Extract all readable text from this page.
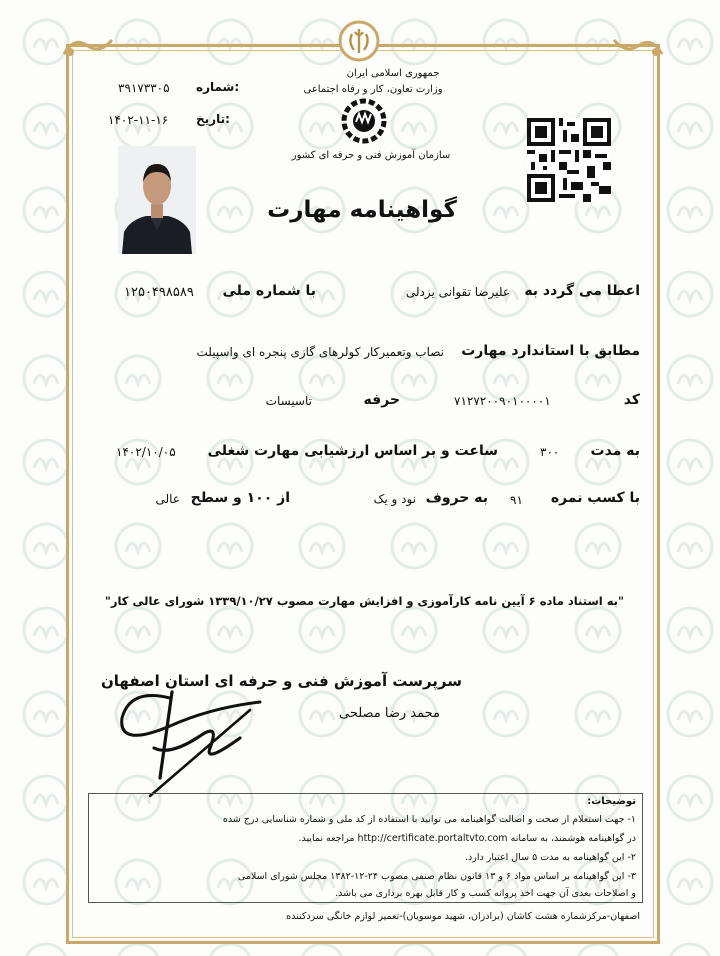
جمهوری اسلامی ایران
وزارت تعاون، کار و رفاه اجتماعی
سازمان آموزش فنی و حرفه ای کشور
شماره:
۳۹۱۷۳۳۰۵
تاریخ:
۱۴۰۲-۱۱-۱۶
گواهینامه مهارت
اعطا می گردد به
علیرضا تقوانی یزدلی
با شماره ملی
۱۲۵۰۴۹۸۵۸۹
مطابق با استاندارد مهارت
نصاب وتعمیرکار کولرهای گازی پنجره ای واسپیلت
کد
۷۱۲۷۲۰۰۹۰۱۰۰۰۰۱
حرفه
تاسیسات
به مدت
۳۰۰
ساعت و بر اساس ارزشیابی مهارت شغلی
۱۴۰۲/۱۰/۰۵
با کسب نمره
۹۱
به حروف
نود و یک
از ۱۰۰ و سطح
عالی
"به استناد ماده ۶ آیین نامه کارآموزی و افزایش مهارت مصوب ۱۳۳۹/۱۰/۲۷ شورای عالی کار"
سرپرست آموزش فنی و حرفه ای استان اصفهان
محمد رضا مصلحی
توضیحات:
۱- جهت استعلام از صحت و اصالت گواهینامه می توانید با استفاده از کد ملی و شماره شناسایی درج شده
در گواهینامه هوشمند، به سامانه http://certificate.portaltvto.com مراجعه نمایید.
۲- این گواهینامه به مدت ۵ سال اعتبار دارد.
۳- این گواهینامه بر اساس مواد ۶ و ۱۳ قانون نظام صنفی مصوب ۲۴-۱۲-۱۳۸۲ مجلس شورای اسلامی
و اصلاحات بعدی آن جهت اخذ پروانه کسب و کار قابل بهره برداری می باشد.
اصفهان-مرکزشماره هشت کاشان (برادران، شهید موسویان)-تعمیر لوازم خانگی سردکننده
